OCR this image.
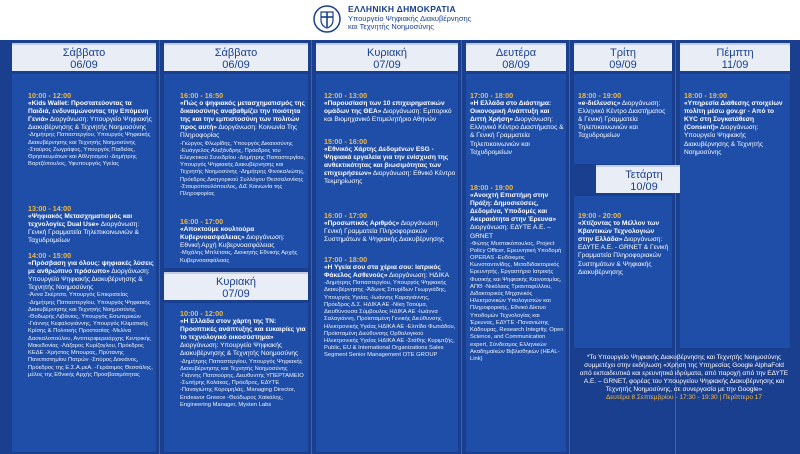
ΕΛΛΗΝΙΚΗ ΔΗΜΟΚΡΑΤΙΑ
Υπουργείο Ψηφιακής Διακυβέρνησης
και Τεχνητής Νοημοσύνης
Σάββατο
06/09
Σάββατο
06/09
Κυριακή
07/09
Δευτέρα
08/09
Τρίτη
09/09
Πέμπτη
11/09
Κυριακή
07/09
Τετάρτη
10/09
10:00 - 12:00
«Kids Wallet: Προστατεύοντας τα Παιδιά, ενδυναμώνοντας την Επόμενη Γενιά» Διοργάνωση: Υπουργείο Ψηφιακής Διακυβέρνησης & Τεχνητής Νοημοσύνης
-Δημήτρης Παπαστεργίου, Υπουργός Ψηφιακής Διακυβέρνησης και Τεχνητής Νοημοσύνης -Σταύρος Ζωγράφος, Υπουργός Παιδείας, Θρησκευμάτων και Αθλητισμού -Δημήτρης Βαρτζόπουλος, Υφυπουργός Υγείας
13:00 - 14:00
«Ψηφιακός Μετασχηματισμός και τεχνολογίες Dual Use» Διοργάνωση: Γενική Γραμματεία Τηλεπικοινωνιών & Ταχυδρομείων
14:00 - 15:00
«Πρόσβαση για όλους: ψηφιακές λύσεις με ανθρώπινο πρόσωπο» Διοργάνωση: Υπουργείο Ψηφιακής Διακυβέρνησης & Τεχνητής Νοημοσύνης
-Άννα Σκέρτσα, Υπουργός Επικρατείας -Δημήτρης Παπαστεργίου, Υπουργός Ψηφιακής Διακυβέρνησης και Τεχνητής Νοημοσύνης -Θοδωρής Λιβάνιος, Υπουργός Εσωτερικών -Γιάννης Κεφαλογιάννης, Υπουργός Κλιματικής Κρίσης & Πολιτικής Προστασίας -Μελίνα Δασκαλοπούλου, Αντιπεριφερειάρχης Κεντρικής Μακεδονίας -Λάζαρος Κυρίζογλου, Πρόεδρος ΚΕΔΕ -Χρήστος Μπουρας, Πρύτανης Πανεπιστημίου Πατρών -Σπύρος Δοκιάνος, Πρόεδρος της Ε.Σ.Α.μεΑ. -Γεράσιμος Θεσσάλης, μέλος της Εθνικής Αρχής Προσβασιμότητας
16:00 - 16:50
«Πώς ο ψηφιακός μετασχηματισμός της δικαιοσύνης αναβαθμίζει την ποιότητα της και την εμπιστοσύνη των πολιτών προς αυτή» Διοργάνωση: Κοινωνία Της Πληροφορίας
-Γιώργος Φλωρίδης, Υπουργός Δικαιοσύνης -Ευάγγελος Αλεξάνδρης, Πρόεδρος του Ελεγκτικού Συνεδρίου -Δημήτρης Παπαστεργίου, Υπουργός Ψηφιακής Διακυβέρνησης και Τεχνητής Νοημοσύνης -Δημήτρης Φινοκαλιώτης, Πρόεδρος Δικηγορικού Συλλόγου Θεσσαλονίκης -Σταυροπουλόπουλος, ΔιΣ Κοινωνία της Πληροφορίας
16:00 - 17:00
«Αποκτούμε κουλτούρα Κυβερνοασφάλειας» Διοργάνωση: Εθνική Αρχή Κυβερνοασφάλειας
-Μιχάλης Μπλέτσας, Διοικητής Εθνικής Αρχής Κυβερνοασφάλειας
10:00 - 12:00
«Η Ελλάδα στον χάρτη της ΤΝ: Προοπτικές ανάπτυξης και ευκαιρίες για το τεχνολογικό οικοσύστημα» Διοργάνωση: Υπουργείο Ψηφιακής Διακυβέρνησης & Τεχνητής Νοημοσύνης
-Δημήτρης Παπαστεργίου, Υπουργός Ψηφιακής Διακυβέρνησης και Τεχνητής Νοημοσύνης -Γιάννης Πατσιούρης, Διευθυντής ΥΠΕΡΤΑΜΕΙΟ -Σωτήρης Κολάκας, Πρόεδρος, ΕΔΥΤΕ -Παναγιώτης Κορομηλάς, Managing Director, Endeavor Greece -Θεόδωρος Χαϊκάλης, Engineering Manager, Mysten Labs
12:00 - 13:00
«Παρουσίαση των 10 επιχειρηματικών ομάδων της ΘΕΑ» Διοργάνωση: Εμπορικό και Βιομηχανικό Επιμελητήριο Αθηνών
15:00 - 16:00
«Εθνικός Χάρτης Δεδομένων ESG - Ψηφιακά εργαλεία για την ενίσχυση της ανθεκτικότητας και βιωσιμότητας των επιχειρήσεων» Διοργάνωση: Εθνικό Κέντρο Τεκμηρίωσης
16:00 - 17:00
«Προσωπικός Αριθμός» Διοργάνωση: Γενική Γραμματεία Πληροφοριακών Συστημάτων & Ψηφιακής Διακυβέρνησης
17:00 - 18:00
«Η Υγεία σου στα χέρια σου: Ιατρικός Φάκελος Ασθενούς» Διοργάνωση: ΗΔΙΚΑ
-Δημήτρης Παπαστεργίου, Υπουργός Ψηφιακής Διακυβέρνησης -Άδωνις Σπυρίδων Γεωργιάδης, Υπουργός Υγείας -Ιωάννης Καραγιάννης, Πρόεδρος Δ.Σ. ΗΔΙΚΑ ΑΕ -Νίκη Τσούμα, Διευθύνουσα Σύμβουλος ΗΔΙΚΑ ΑΕ -Ιωάννα Σαλαγιάννη, Προϊσταμένη Γενικής Διεύθυνσης Ηλεκτρονικής Υγείας ΗΔΙΚΑ ΑΕ -Ελπίδα Φωτιάδου, Προϊσταμένη Διεύθυνσης Ορθολογικού Ηλεκτρονικής Υγείας ΗΔΙΚΑ ΑΕ -Στάθης Κυριμτζής, Public, EU & International Organizations Sales Segment Senior Management OTE GROUP
17:00 - 18:00
«Η Ελλάδα στο Διάστημα: Οικονομική Ανάπτυξη και Διττή Χρήση» Διοργάνωση: Ελληνικό Κέντρο Διαστήματος & & Γενική Γραμματεία Τηλεπικοινωνιών και Ταχυδρομείων
18:00 - 19:00
«Ανοιχτή Επιστήμη στην Πράξη: Δημοσιεύσεις, Δεδομένα, Υποδομές και Ακεραιότητα στην Έρευνα» Διοργάνωση: ΕΔΥΤΕ Α.Ε. – GRNET
-Φώτης Μυστακόπουλος, Project Policy Officer, Ερευνητική Υποδομή OPERAS -Ευδόκιμος Κωνσταντινίδης, Μεταδιδακτορικός Ερευνητής, Εργαστήριο Ιατρικής Φυσικής και Ψηφιακής Καινοτομίας, ΑΠΘ -Νικόλαος Τριανταφύλλου, Διδακτορικός Μηχανικός Ηλεκτρονικών Υπολογιστών και Πληροφορικής, Εθνικό Δίκτυο Υποδομών Τεχνολογίας και Έρευνας, ΕΔΥΤΕ -Πανανιώτης Κάδουρας, Research Integrity, Open Science, and Communication expert, Σύνδεσμος Ελληνικών Ακαδημαϊκών Βιβλιοθηκών (HEAL-Link)
18:00 - 19:00
«e-διέλευσις» Διοργάνωση: Ελληνικό Κέντρο Διαστήματος & Γενική Γραμματεία Τηλεπικοινωνιών και Ταχυδρομείων
19:00 - 20:00
«Χτίζοντας το Μέλλον των Κβαντικών Τεχνολογιών στην Ελλάδα» Διοργάνωση: ΕΔΥΤΕ Α.Ε. - GRNET & Γενική Γραμματεία Πληροφοριακών Συστημάτων & Ψηφιακής Διακυβέρνησης
18:00 - 19:00
«Υπηρεσία Διάθεσης στοιχείων πολίτη μέσω gov.gr - Από το KYC στη Συγκατάθεση (Consent)» Διοργάνωση: Υπουργείο Ψηφιακής Διακυβέρνησης & Τεχνητής Νοημοσύνης
*Το Υπουργείο Ψηφιακής Διακυβέρνησης και Τεχνητής Νοημοσύνης συμμετέχει στην εκδήλωση «Χρήση της Υπηρεσίας Google AlphaFold από εκπαιδευτικά και ερευνητικά ιδρύματα, από παροχή από την ΕΔΥΤΕ Α.Ε. – GRNET, φορέας του Υπουργείου Ψηφιακής Διακυβέρνησης και Τεχνητής Νοημοσύνης, σε συνεργασία με την Google»
Δευτέρα 8 Σεπτεμβρίου - 17:30 - 19:30 | Περίπτερο 17
